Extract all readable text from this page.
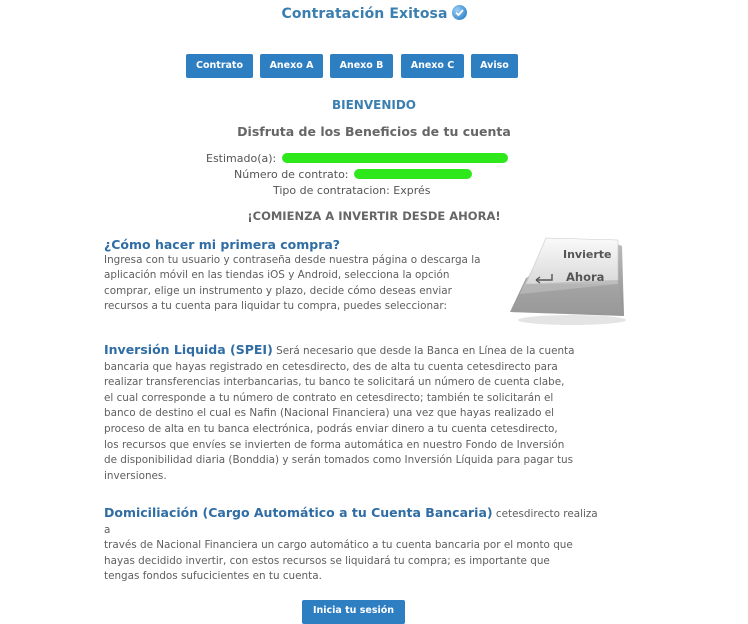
Contratación Exitosa
Contrato	Anexo A	Anexo B	Anexo C	Aviso
BIENVENIDO
Disfruta de los Beneficios de tu cuenta
Estimado(a):
Número de contrato:
Tipo de contratacion: Exprés
¡COMIENZA A INVERTIR DESDE AHORA!
¿Cómo hacer mi primera compra?
Ingresa con tu usuario y contraseña desde nuestra página o descarga la
aplicación móvil en las tiendas iOS y Android, selecciona la opción
comprar, elige un instrumento y plazo, decide cómo deseas enviar
recursos a tu cuenta para liquidar tu compra, puedes seleccionar:
Invierte
Ahora
Inversión Liquida (SPEI) Será necesario que desde la Banca en Línea de la cuenta
bancaria que hayas registrado en cetesdirecto, des de alta tu cuenta cetesdirecto para
realizar transferencias interbancarias, tu banco te solicitará un número de cuenta clabe,
el cual corresponde a tu número de contrato en cetesdirecto; también te solicitarán el
banco de destino el cual es Nafin (Nacional Financiera) una vez que hayas realizado el
proceso de alta en tu banca electrónica, podrás enviar dinero a tu cuenta cetesdirecto,
los recursos que envíes se invierten de forma automática en nuestro Fondo de Inversión
de disponibilidad diaria (Bonddia) y serán tomados como Inversión Líquida para pagar tus
inversiones.
Domiciliación (Cargo Automático a tu Cuenta Bancaria) cetesdirecto realiza a
través de Nacional Financiera un cargo automático a tu cuenta bancaria por el monto que
hayas decidido invertir, con estos recursos se liquidará tu compra; es importante que
tengas fondos sufucicientes en tu cuenta.
Inicia tu sesión
